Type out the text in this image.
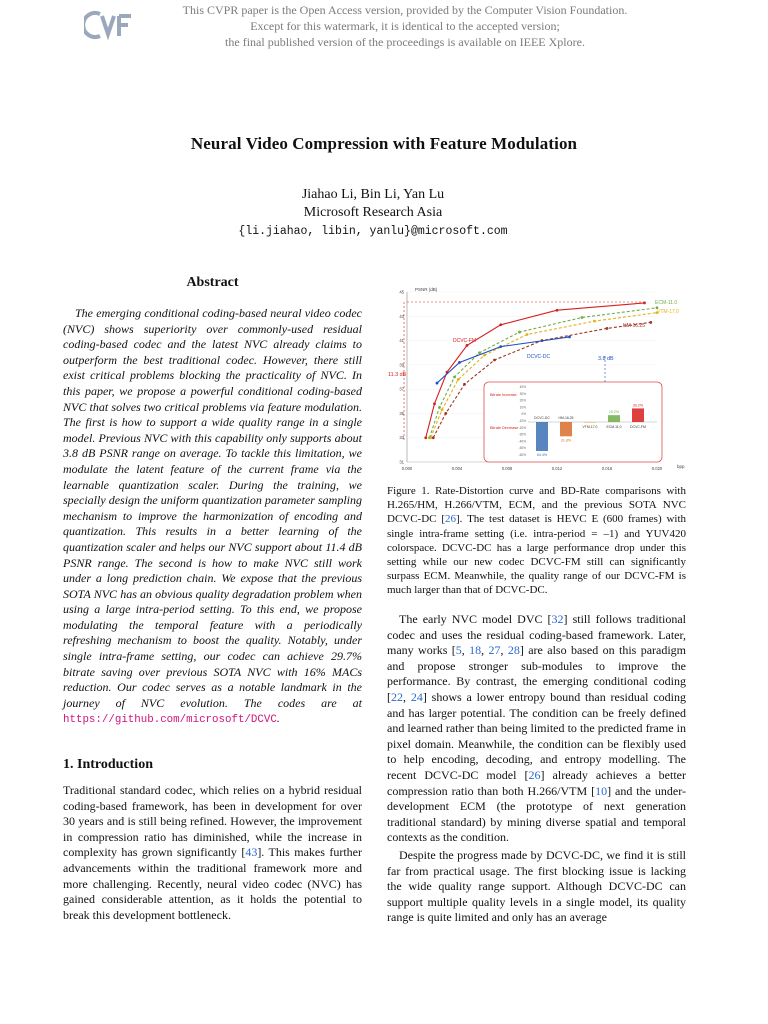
This CVPR paper is the Open Access version, provided by the Computer Vision Foundation.
Except for this watermark, it is identical to the accepted version;
the final published version of the proceedings is available on IEEE Xplore.
Neural Video Compression with Feature Modulation
Jiahao Li, Bin Li, Yan Lu
Microsoft Research Asia
{li.jiahao, libin, yanlu}@microsoft.com
Abstract

The emerging conditional coding-based neural video codec (NVC) shows superiority over commonly-used residual coding-based codec and the latest NVC already claims to outperform the best traditional codec. However, there still exist critical problems blocking the practicality of NVC. In this paper, we propose a powerful conditional coding-based NVC that solves two critical problems via feature modulation. The first is how to support a wide quality range in a single model. Previous NVC with this capability only supports about 3.8 dB PSNR range on average. To tackle this limitation, we modulate the latent feature of the current frame via the learnable quantization scaler. During the training, we specially design the uniform quantization parameter sampling mechanism to improve the harmonization of encoding and quantization. This results in a better learning of the quantization scaler and helps our NVC support about 11.4 dB PSNR range. The second is how to make NVC still work under a long prediction chain. We expose that the previous SOTA NVC has an obvious quality degradation problem when using a large intra-period setting. To this end, we propose modulating the temporal feature with a periodically refreshing mechanism to boost the quality. Notably, under single intra-frame setting, our codec can achieve 29.7% bitrate saving over previous SOTA NVC with 16% MACs reduction. Our codec serves as a notable landmark in the journey of NVC evolution. The codes are at https://github.com/microsoft/DCVC.

1. Introduction

Traditional standard codec, which relies on a hybrid residual coding-based framework, has been in development for over 30 years and is still being refined. However, the improvement in compression ratio has diminished, while the increase in complexity has grown significantly [43]. This makes further advancements within the traditional framework more and more challenging. Recently, neural video codec (NVC) has gained considerable attention, as it holds the potential to break this development bottleneck.

0.000	0.004	0.008	0.012	0.016	0.020
31
33
35
37
39
41
43
45 PSNR (dB)
bpp
11.3 dB
3.8 dB
DCVC-FM
ECM-11.0
VTM-17.0
HM-16.25
DCVC-DC
Bitrate Increase
Bitrate Decrease
40%
30%
20%
10%
0%
-10%
-20%
-30%
-40%
-50%
-60%
DCVC-DC
64.4%
HM-16.25
31.8%
VTM-17.0	ECM-11.0
15.2%
DCVC-FM
30.2%

Figure 1. Rate-Distortion curve and BD-Rate comparisons with H.265/HM, H.266/VTM, ECM, and the previous SOTA NVC DCVC-DC [26]. The test dataset is HEVC E (600 frames) with single intra-frame setting (i.e. intra-period = –1) and YUV420 colorspace. DCVC-DC has a large performance drop under this setting while our new codec DCVC-FM still can significantly surpass ECM. Meanwhile, the quality range of our DCVC-FM is much larger than that of DCVC-DC.

The early NVC model DVC [32] still follows traditional codec and uses the residual coding-based framework. Later, many works [5, 18, 27, 28] are also based on this paradigm and propose stronger sub-modules to improve the performance. By contrast, the emerging conditional coding [22, 24] shows a lower entropy bound than residual coding and has larger potential. The condition can be freely defined and learned rather than being limited to the predicted frame in pixel domain. Meanwhile, the condition can be flexibly used to help encoding, decoding, and entropy modelling. The recent DCVC-DC model [26] already achieves a better compression ratio than both H.266/VTM [10] and the under-development ECM (the prototype of next generation traditional standard) by mining diverse spatial and temporal contexts as the condition.

Despite the progress made by DCVC-DC, we find it is still far from practical usage. The first blocking issue is lacking the wide quality range support. Although DCVC-DC can support multiple quality levels in a single model, its quality range is quite limited and only has an average
